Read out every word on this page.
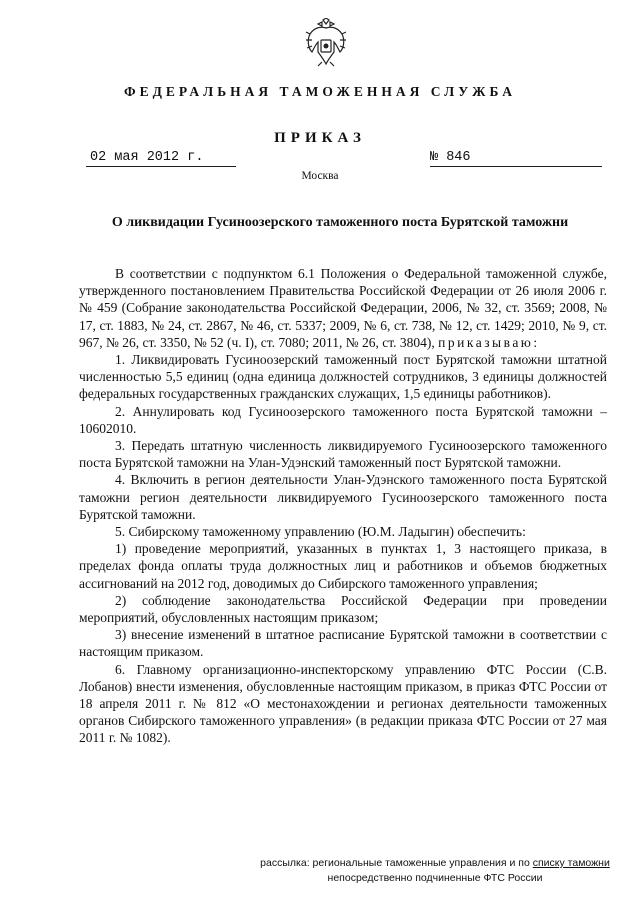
ФЕДЕРАЛЬНАЯ ТАМОЖЕННАЯ СЛУЖБА
ПРИКАЗ
02 мая 2012 г.	№ 846
Москва
О ликвидации Гусиноозерского таможенного поста Бурятской таможни

В соответствии с подпунктом 6.1 Положения о Федеральной таможенной службе, утвержденного постановлением Правительства Российской Федерации от 26 июля 2006 г. № 459 (Собрание законодательства Российской Федерации, 2006, № 32, ст. 3569; 2008, № 17, ст. 1883, № 24, ст. 2867, № 46, ст. 5337; 2009, № 6, ст. 738, № 12, ст. 1429; 2010, № 9, ст. 967, № 26, ст. 3350, № 52 (ч. I), ст. 7080; 2011, № 26, ст. 3804), приказываю:

1. Ликвидировать Гусиноозерский таможенный пост Бурятской таможни штатной численностью 5,5 единиц (одна единица должностей сотрудников, 3 единицы должностей федеральных государственных гражданских служащих, 1,5 единицы работников).

2. Аннулировать код Гусиноозерского таможенного поста Бурятской таможни – 10602010.

3. Передать штатную численность ликвидируемого Гусиноозерского таможенного поста Бурятской таможни на Улан-Удэнский таможенный пост Бурятской таможни.

4. Включить в регион деятельности Улан-Удэнского таможенного поста Бурятской таможни регион деятельности ликвидируемого Гусиноозерского таможенного поста Бурятской таможни.

5. Сибирскому таможенному управлению (Ю.М. Ладыгин) обеспечить:

1) проведение мероприятий, указанных в пунктах 1, 3 настоящего приказа, в пределах фонда оплаты труда должностных лиц и работников и объемов бюджетных ассигнований на 2012 год, доводимых до Сибирского таможенного управления;

2) соблюдение законодательства Российской Федерации при проведении мероприятий, обусловленных настоящим приказом;

3) внесение изменений в штатное расписание Бурятской таможни в соответствии с настоящим приказом.

6. Главному организационно-инспекторскому управлению ФТС России (С.В. Лобанов) внести изменения, обусловленные настоящим приказом, в приказ ФТС России от 18 апреля 2011 г. № 812 «О местонахождении и регионах деятельности таможенных органов Сибирского таможенного управления» (в редакции приказа ФТС России от 27 мая 2011 г. № 1082).

рассылка: региональные таможенные управления и по списку таможни
непосредственно подчиненные ФТС России
